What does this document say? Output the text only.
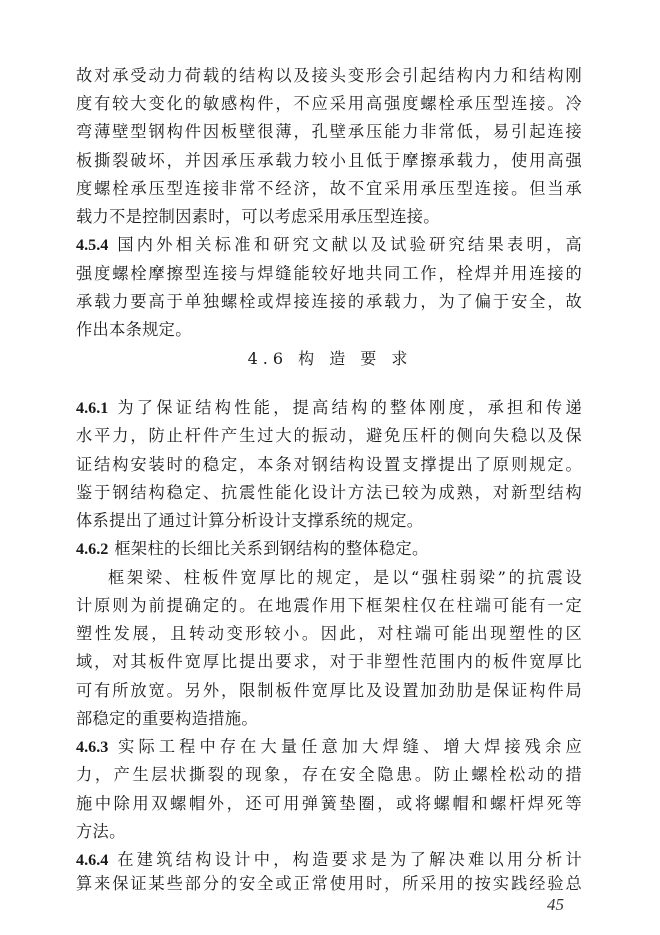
故对承受动力荷载的结构以及接头变形会引起结构内力和结构刚
度有较大变化的敏感构件，不应采用高强度螺栓承压型连接。冷
弯薄壁型钢构件因板壁很薄，孔壁承压能力非常低，易引起连接
板撕裂破坏，并因承压承载力较小且低于摩擦承载力，使用高强
度螺栓承压型连接非常不经济，故不宜采用承压型连接。但当承
载力不是控制因素时，可以考虑采用承压型连接。
4.5.4 国内外相关标准和研究文献以及试验研究结果表明，高
强度螺栓摩擦型连接与焊缝能较好地共同工作，栓焊并用连接的
承载力要高于单独螺栓或焊接连接的承载力，为了偏于安全，故
作出本条规定。
4.6 构 造 要 求
4.6.1 为了保证结构性能，提高结构的整体刚度，承担和传递
水平力，防止杆件产生过大的振动，避免压杆的侧向失稳以及保
证结构安装时的稳定，本条对钢结构设置支撑提出了原则规定。
鉴于钢结构稳定、抗震性能化设计方法已较为成熟，对新型结构
体系提出了通过计算分析设计支撑系统的规定。
4.6.2 框架柱的长细比关系到钢结构的整体稳定。
框架梁、柱板件宽厚比的规定，是以“强柱弱梁”的抗震设
计原则为前提确定的。在地震作用下框架柱仅在柱端可能有一定
塑性发展，且转动变形较小。因此，对柱端可能出现塑性的区
域，对其板件宽厚比提出要求，对于非塑性范围内的板件宽厚比
可有所放宽。另外，限制板件宽厚比及设置加劲肋是保证构件局
部稳定的重要构造措施。
4.6.3 实际工程中存在大量任意加大焊缝、增大焊接残余应
力，产生层状撕裂的现象，存在安全隐患。防止螺栓松动的措
施中除用双螺帽外，还可用弹簧垫圈，或将螺帽和螺杆焊死等
方法。
4.6.4 在建筑结构设计中，构造要求是为了解决难以用分析计
算来保证某些部分的安全或正常使用时，所采用的按实践经验总
45
